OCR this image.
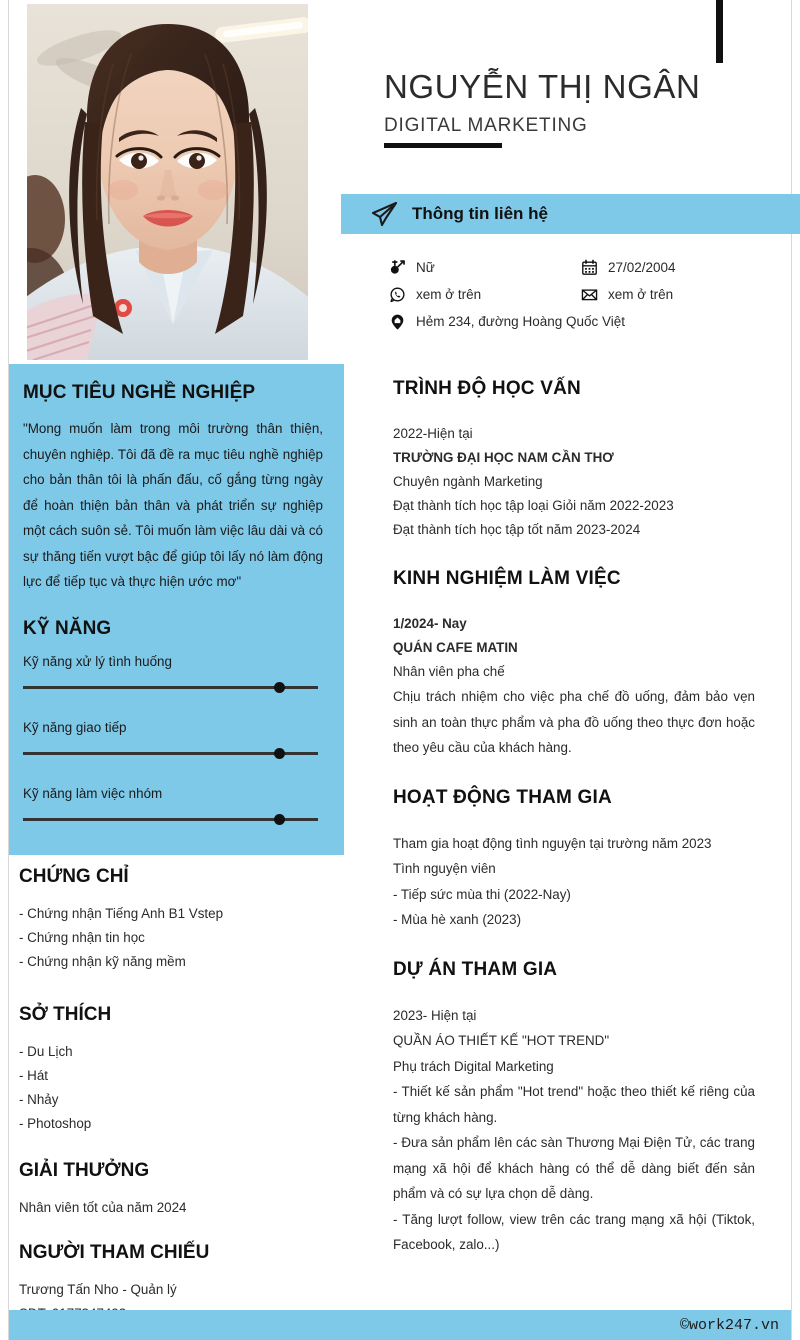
NGUYỄN THỊ NGÂN
DIGITAL MARKETING
Thông tin liên hệ
Nữ	27/02/2004
xem ở trên	xem ở trên
Hẻm 234, đường Hoàng Quốc Việt
MỤC TIÊU NGHỀ NGHIỆP
"Mong muốn làm trong môi trường thân thiện, chuyên nghiệp. Tôi đã đề ra mục tiêu nghề nghiệp cho bản thân tôi là phấn đấu, cố gắng từng ngày để hoàn thiện bản thân và phát triển sự nghiệp một cách suôn sẻ. Tôi muốn làm việc lâu dài và có sự thăng tiến vượt bậc để giúp tôi lấy nó làm động lực để tiếp tục và thực hiện ước mơ"
KỸ NĂNG
Kỹ năng xử lý tình huống
Kỹ năng giao tiếp
Kỹ năng làm việc nhóm
CHỨNG CHỈ
- Chứng nhận Tiếng Anh B1 Vstep
- Chứng nhận tin học
- Chứng nhận kỹ năng mềm
SỞ THÍCH
- Du Lịch
- Hát
- Nhảy
- Photoshop
GIẢI THƯỞNG
Nhân viên tốt của năm 2024
NGƯỜI THAM CHIẾU
Trương Tấn Nho - Quản lý
TRÌNH ĐỘ HỌC VẤN
2022-Hiện tại
TRƯỜNG ĐẠI HỌC NAM CẦN THƠ
Chuyên ngành Marketing
Đạt thành tích học tập loại Giỏi năm 2022-2023
Đạt thành tích học tập tốt năm 2023-2024
KINH NGHIỆM LÀM VIỆC
1/2024- Nay
QUÁN CAFE MATIN
Nhân viên pha chế
Chịu trách nhiệm cho việc pha chế đồ uống, đảm bảo vẹn sinh an toàn thực phẩm và pha đồ uống theo thực đơn hoặc theo yêu cầu của khách hàng.
HOẠT ĐỘNG THAM GIA
Tham gia hoạt động tình nguyện tại trường năm 2023
Tình nguyện viên
- Tiếp sức mùa thi (2022-Nay)
- Mùa hè xanh (2023)
DỰ ÁN THAM GIA
2023- Hiện tại
QUẦN ÁO THIẾT KẾ "HOT TREND"
Phụ trách Digital Marketing
- Thiết kế sản phẩm "Hot trend" hoặc theo thiết kế riêng của từng khách hàng.
- Đưa sản phẩm lên các sàn Thương Mại Điện Tử, các trang mạng xã hội để khách hàng có thể dễ dàng biết đến sản phẩm và có sự lựa chọn dễ dàng.
- Tăng lượt follow, view trên các trang mạng xã hội (Tiktok, Facebook, zalo...)
©work247.vn
